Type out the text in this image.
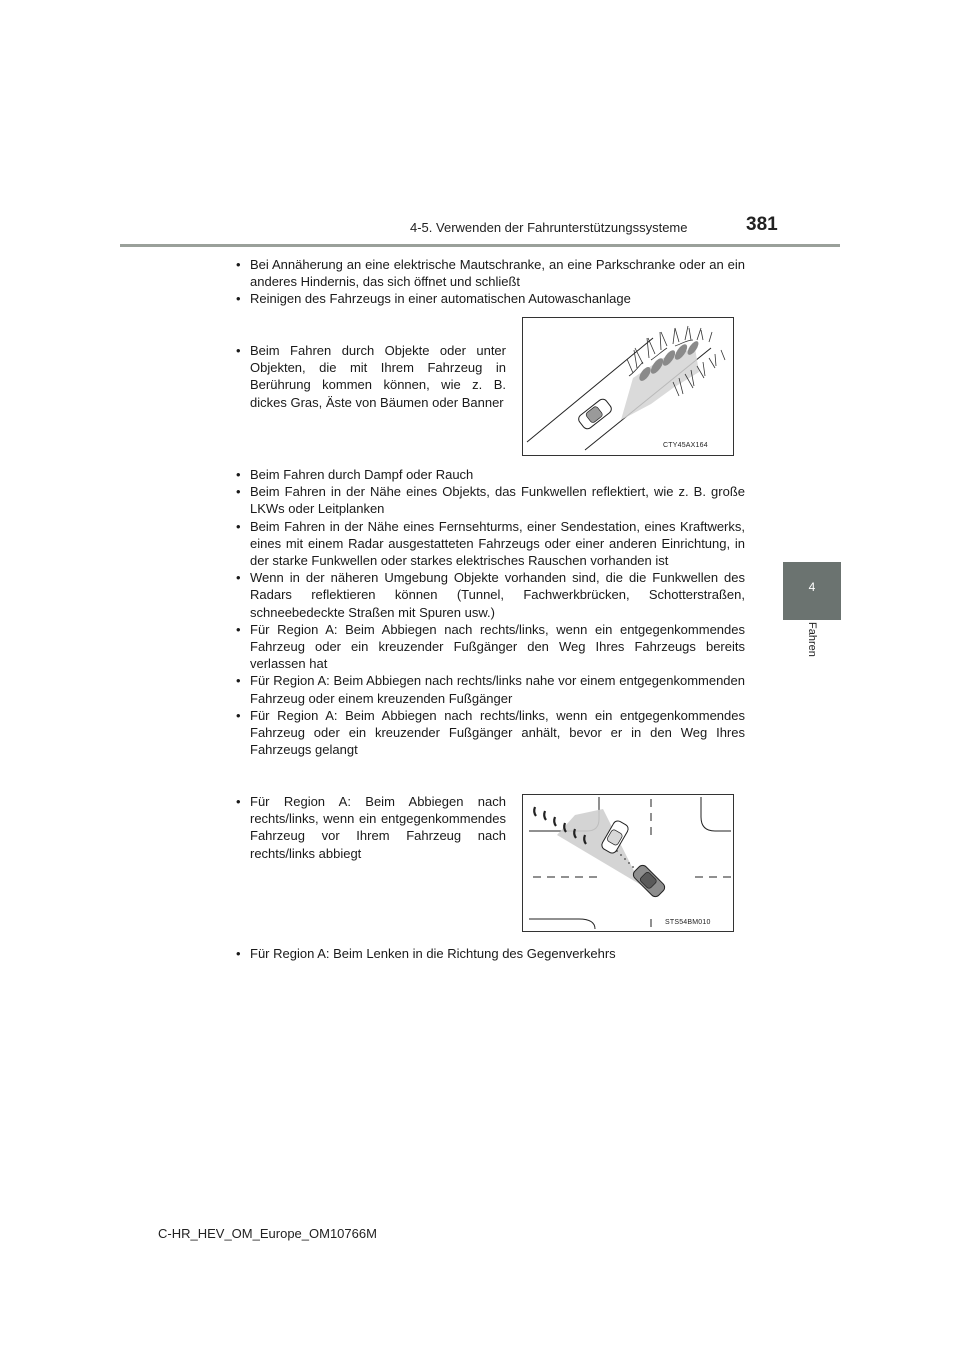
4-5. Verwenden der Fahrunterstützungssysteme	381
4
Fahren
• Bei Annäherung an eine elektrische Mautschranke, an eine Parkschranke oder an ein anderes Hindernis, das sich öffnet und schließt
• Reinigen des Fahrzeugs in einer automatischen Autowaschanlage
• Beim Fahren durch Objekte oder unter Objekten, die mit Ihrem Fahrzeug in Berührung kommen können, wie z. B. dickes Gras, Äste von Bäumen oder Banner
CTY45AX164
• Beim Fahren durch Dampf oder Rauch
• Beim Fahren in der Nähe eines Objekts, das Funkwellen reflektiert, wie z. B. große LKWs oder Leitplanken
• Beim Fahren in der Nähe eines Fernsehturms, einer Sendestation, eines Kraftwerks, eines mit einem Radar ausgestatteten Fahrzeugs oder einer anderen Einrichtung, in der starke Funkwellen oder starkes elektrisches Rauschen vorhanden ist
• Wenn in der näheren Umgebung Objekte vorhanden sind, die die Funkwellen des Radars reflektieren können (Tunnel, Fachwerkbrücken, Schotterstraßen, schneebedeckte Straßen mit Spuren usw.)
• Für Region A: Beim Abbiegen nach rechts/links, wenn ein entgegenkommendes Fahrzeug oder ein kreuzender Fußgänger den Weg Ihres Fahrzeugs bereits verlassen hat
• Für Region A: Beim Abbiegen nach rechts/links nahe vor einem entgegenkommenden Fahrzeug oder einem kreuzenden Fußgänger
• Für Region A: Beim Abbiegen nach rechts/links, wenn ein entgegenkommendes Fahrzeug oder ein kreuzender Fußgänger anhält, bevor er in den Weg Ihres Fahrzeugs gelangt
• Für Region A: Beim Abbiegen nach rechts/links, wenn ein entgegenkommendes Fahrzeug vor Ihrem Fahrzeug nach rechts/links abbiegt
STS54BM010
• Für Region A: Beim Lenken in die Richtung des Gegenverkehrs
C-HR_HEV_OM_Europe_OM10766M
